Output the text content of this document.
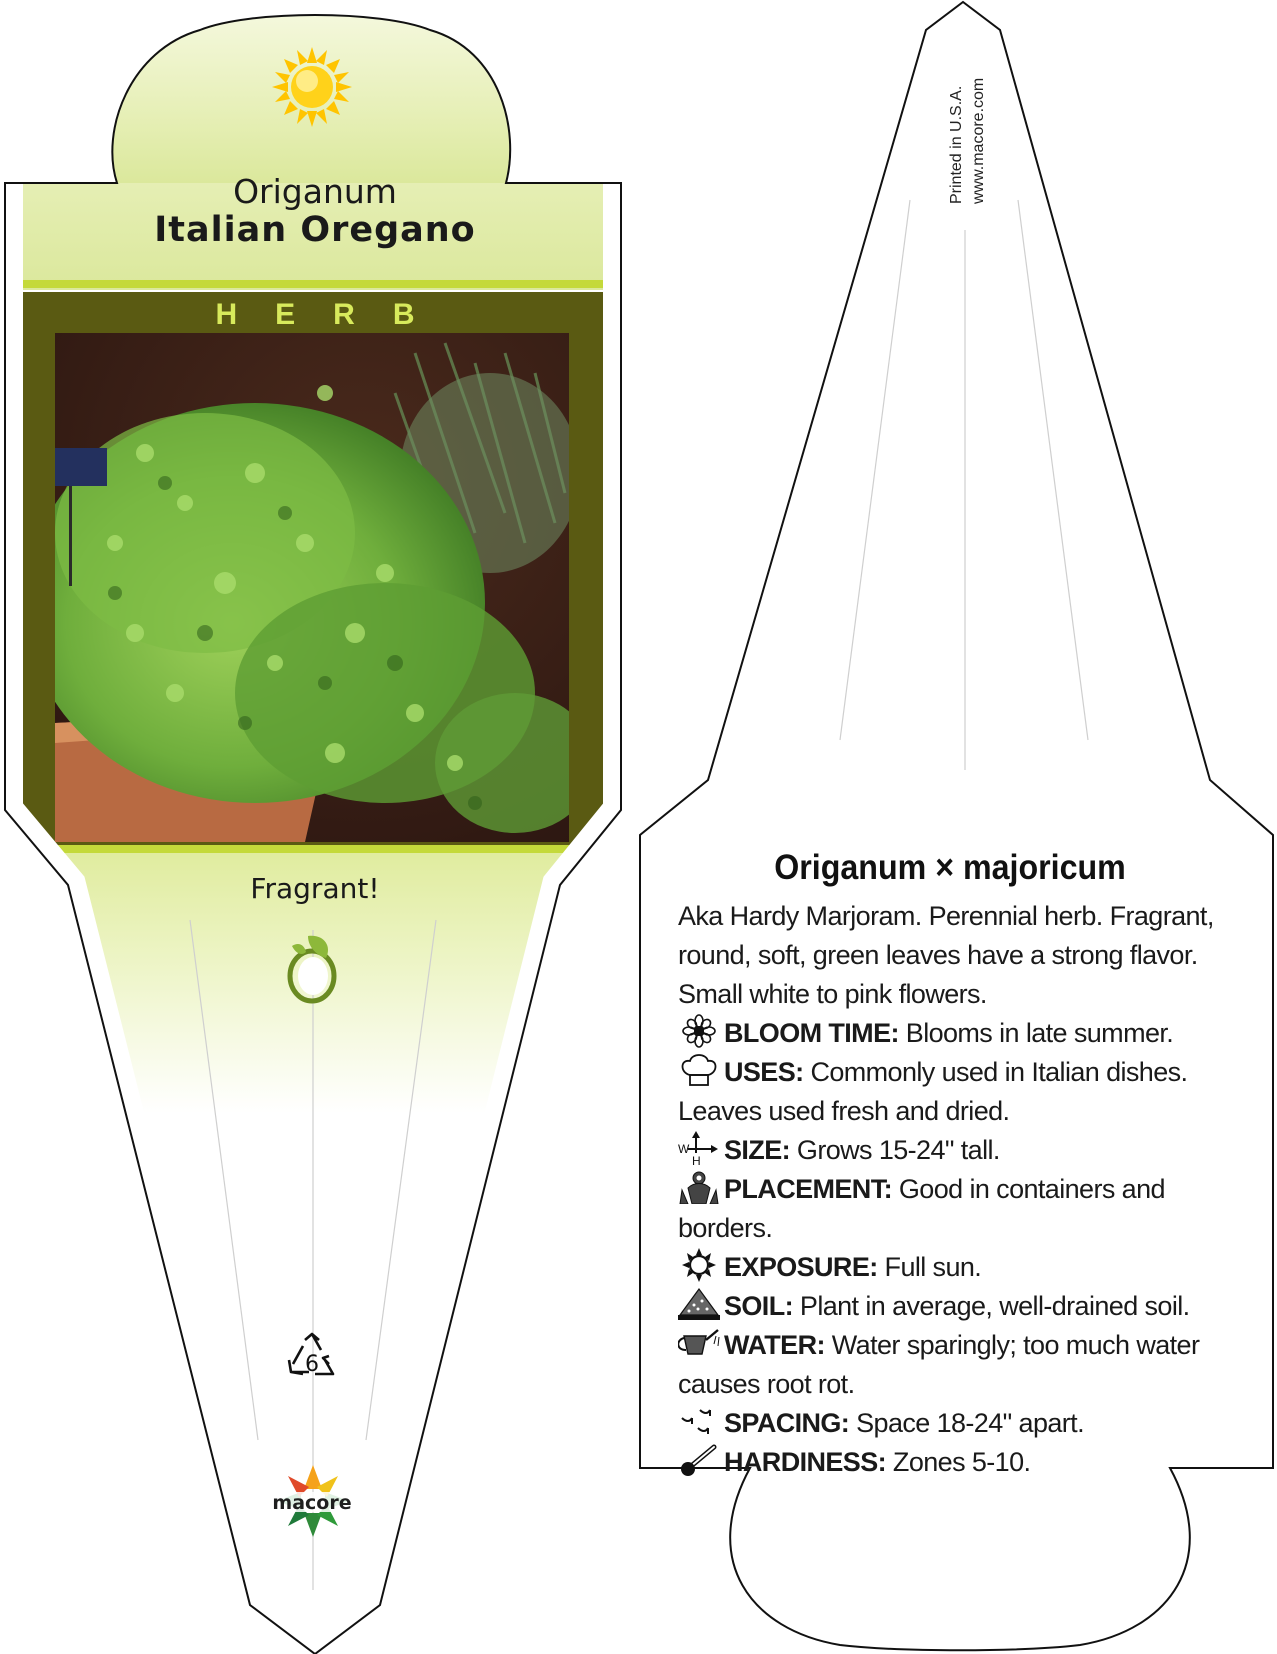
Origanum
Italian Oregano
HERB
Fragrant!
6
macore
Printed in U.S.A. www.macore.com
Origanum × majoricum

Aka Hardy Marjoram. Perennial herb. Fragrant, round, soft, green leaves have a strong flavor. Small white to pink flowers.

BLOOM TIME: Blooms in late summer.
USES: Commonly used in Italian dishes. Leaves used fresh and dried.
W
H SIZE: Grows 15-24" tall.
PLACEMENT: Good in containers and borders.
EXPOSURE: Full sun.
SOIL: Plant in average, well-drained soil.
WATER: Water sparingly; too much water causes root rot.
SPACING: Space 18-24" apart.
HARDINESS: Zones 5-10.
